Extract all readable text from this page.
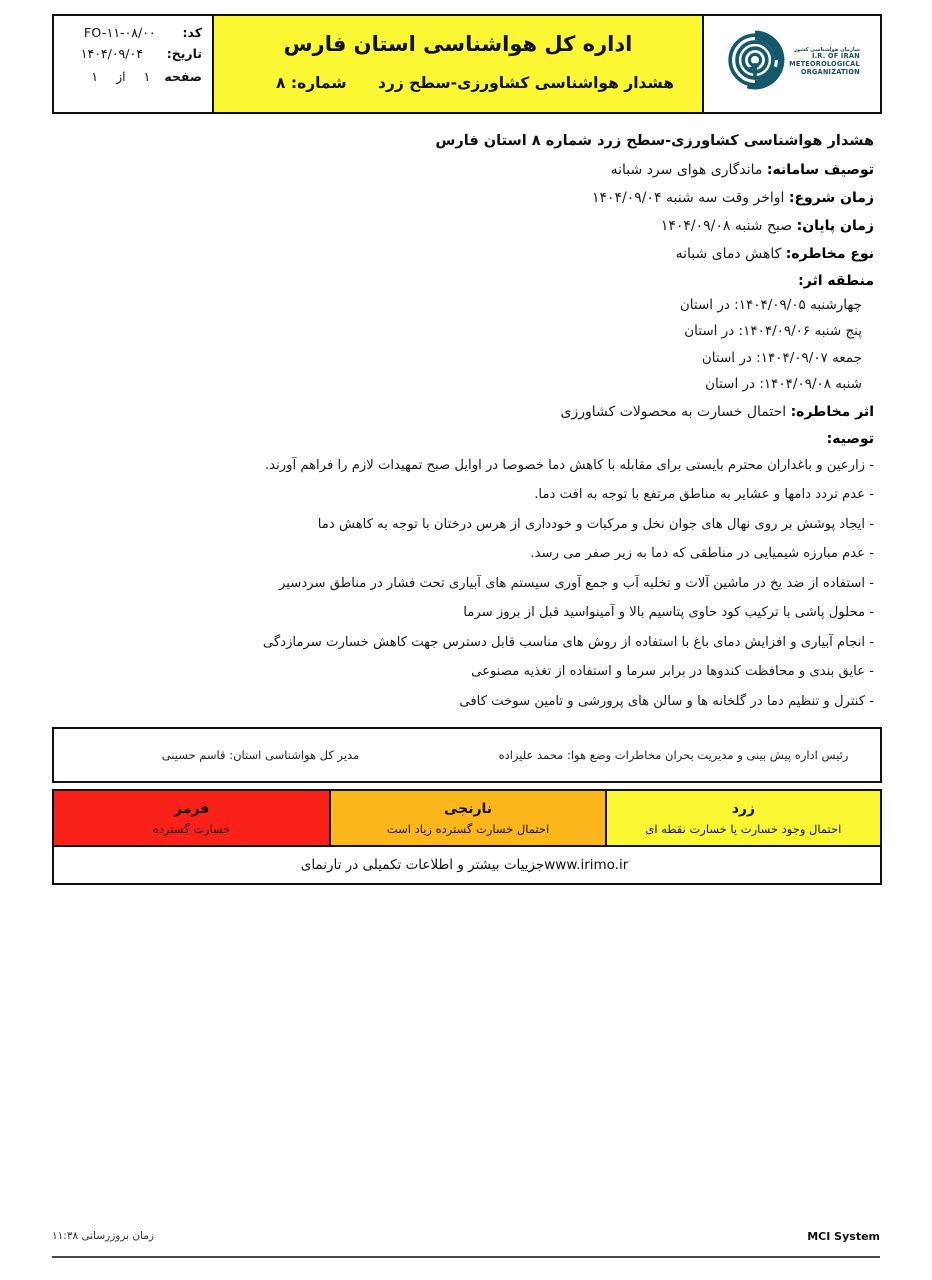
سازمان هواشناسی کشور
I.R. OF IRAN
METEOROLOGICAL
ORGANIZATION
اداره کل هواشناسی استان فارس
هشدار هواشناسی کشاورزی-سطح زرد
شماره: ۸
کد:
FO-۱۱-۰۸/۰۰
تاریخ:
۱۴۰۴/۰۹/۰۴
صفحه
۱
از
۱
هشدار هواشناسی کشاورزی-سطح زرد شماره ۸ استان فارس
توصیف سامانه: ماندگاری هوای سرد شبانه
زمان شروع: اواخر وقت سه شنبه ۱۴۰۴/۰۹/۰۴
زمان پایان: صبح شنبه ۱۴۰۴/۰۹/۰۸
نوع مخاطره: کاهش دمای شبانه
منطقه اثر:
چهارشنبه ۱۴۰۴/۰۹/۰۵: در استان
پنج شنبه ۱۴۰۴/۰۹/۰۶: در استان
جمعه ۱۴۰۴/۰۹/۰۷: در استان
شنبه ۱۴۰۴/۰۹/۰۸: در استان
اثر مخاطره: احتمال خسارت به محصولات کشاورزی
توصیه:
- زارعین و باغداران محترم بایستی برای مقابله با کاهش دما خصوصا در اوایل صبح تمهیدات لازم را فراهم آورند.
- عدم تردد دامها و عشایر به مناطق مرتفع با توجه به افت دما.
- ایجاد پوشش بر روی نهال های جوان نخل و مرکبات و خودداری از هرس درختان با توجه به کاهش دما
- عدم مبارزه شیمیایی در مناطقی که دما به زیر صفر می رسد.
- استفاده از ضد یخ در ماشین آلات و تخلیه آب و جمع آوری سیستم های آبیاری تحت فشار در مناطق سردسیر
- محلول پاشی با ترکیب کود حاوی پتاسیم بالا و آمینواسید قبل از بروز سرما
- انجام آبیاری و افزایش دمای باغ با استفاده از روش های مناسب قابل دسترس جهت کاهش خسارت سرمازدگی
- عایق بندی و محافظت کندوها در برابر سرما و استفاده از تغذیه مصنوعی
- کنترل و تنظیم دما در گلخانه ها و سالن های پرورشی و تامین سوخت کافی
رئیس اداره پیش بینی و مدیریت بحران مخاطرات وضع هوا: محمد علیزاده
مدیر کل هواشناسی استان: قاسم حسینی
زرد
احتمال وجود خسارت یا خسارت نقطه ای
نارنجی
احتمال خسارت گسترده زیاد است
قرمز
خسارت گسترده
www.irimo.ir
جزییات بیشتر و اطلاعات تکمیلی در تارنمای
زمان بروزرسانی ۱۱:۳۸	MCI System
